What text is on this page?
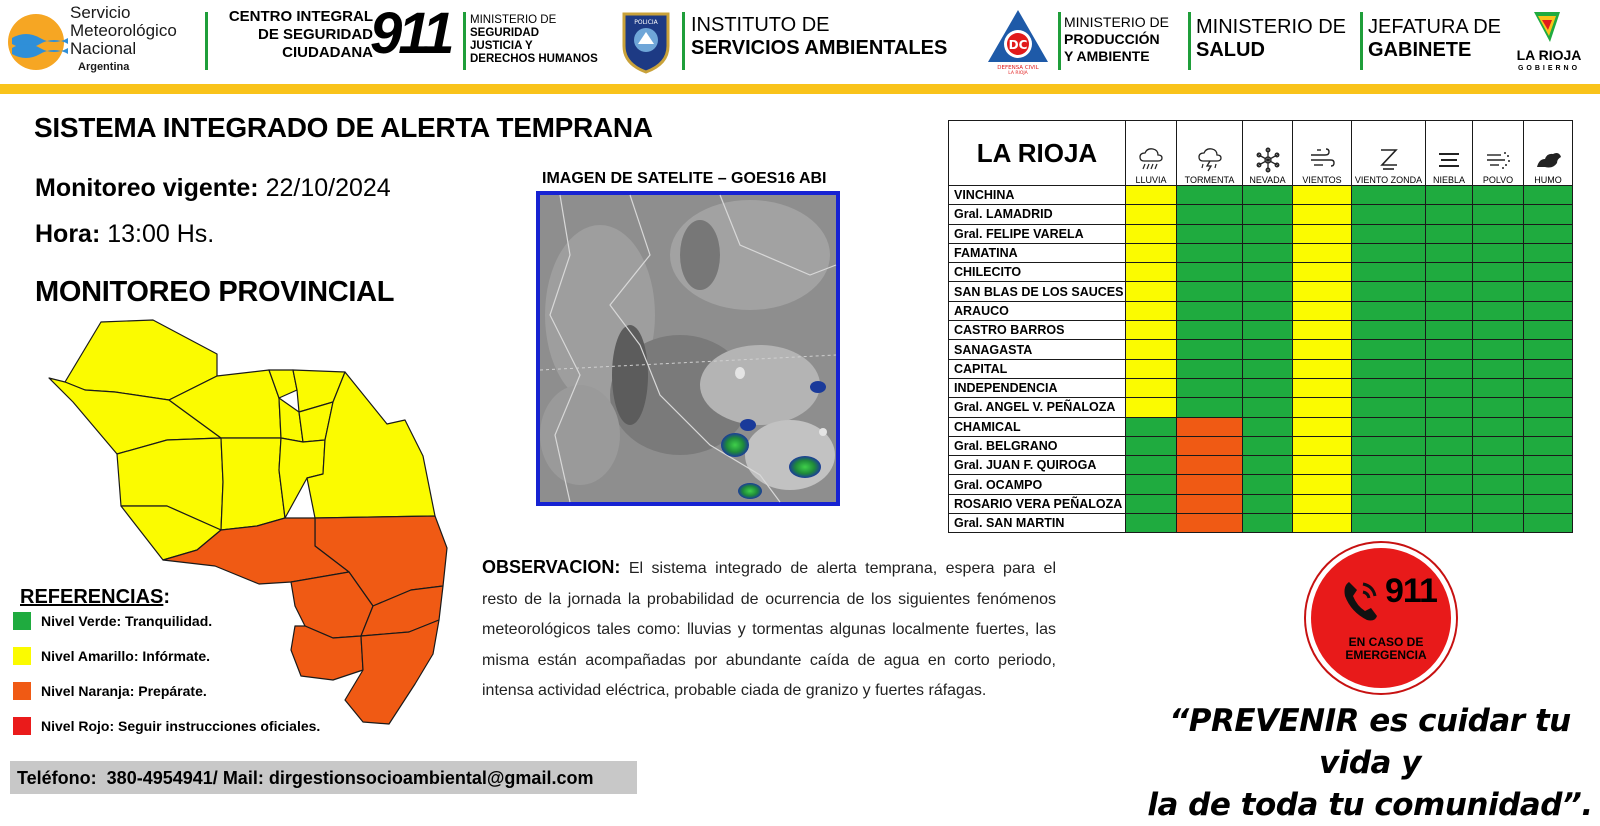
Servicio
Meteorológico
Nacional
Argentina
CENTRO INTEGRAL
DE SEGURIDAD
CIUDADANA
911 MINISTERIO DE
SEGURIDAD
JUSTICIA Y
DERECHOS HUMANOS
POLICIA INSTITUTO DE
SERVICIOS AMBIENTALES	DC
DEFENSA CIVIL
LA RIOJA
MINISTERIO DE
PRODUCCIÓN
Y AMBIENTE
MINISTERIO DE
SALUD
JEFATURA DE
GABINETE	LA RIOJA
GOBIERNO
SISTEMA INTEGRADO DE ALERTA TEMPRANA
Monitoreo vigente: 22/10/2024
Hora: 13:00 Hs.
MONITOREO PROVINCIAL
REFERENCIAS:
Nivel Verde: Tranquilidad.
Nivel Amarillo: Infórmate.
Nivel Naranja: Prepárate.
Nivel Rojo: Seguir instrucciones oficiales.
Teléfono: 380-4954941/ Mail: dirgestionsocioambiental@gmail.com
IMAGEN DE SATELITE – GOES16 ABI
OBSERVACION: El sistema integrado de alerta temprana, espera para el resto de la jornada la probabilidad de ocurrencia de los siguientes fenómenos meteorológicos tales como: lluvias y tormentas algunas localmente fuertes, las misma están acompañadas por abundante caída de agua en corto periodo, intensa actividad eléctrica, probable ciada de granizo y fuertes ráfagas.
LA RIOJA	LLUVIA	TORMENTA	NEVADA	VIENTOS	VIENTO ZONDA	NIEBLA	POLVO	HUMO
VINCHINA								
Gral. LAMADRID								
Gral. FELIPE VARELA								
FAMATINA								
CHILECITO								
SAN BLAS DE LOS SAUCES								
ARAUCO								
CASTRO BARROS								
SANAGASTA								
CAPITAL								
INDEPENDENCIA								
Gral. ANGEL V. PEÑALOZA								
CHAMICAL								
Gral. BELGRANO								
Gral. JUAN F. QUIROGA								
Gral. OCAMPO								
ROSARIO VERA PEÑALOZA								
Gral. SAN MARTIN								
911
EN CASO DE
EMERGENCIA
“PREVENIR es cuidar tu vida y
la de toda tu comunidad”.
